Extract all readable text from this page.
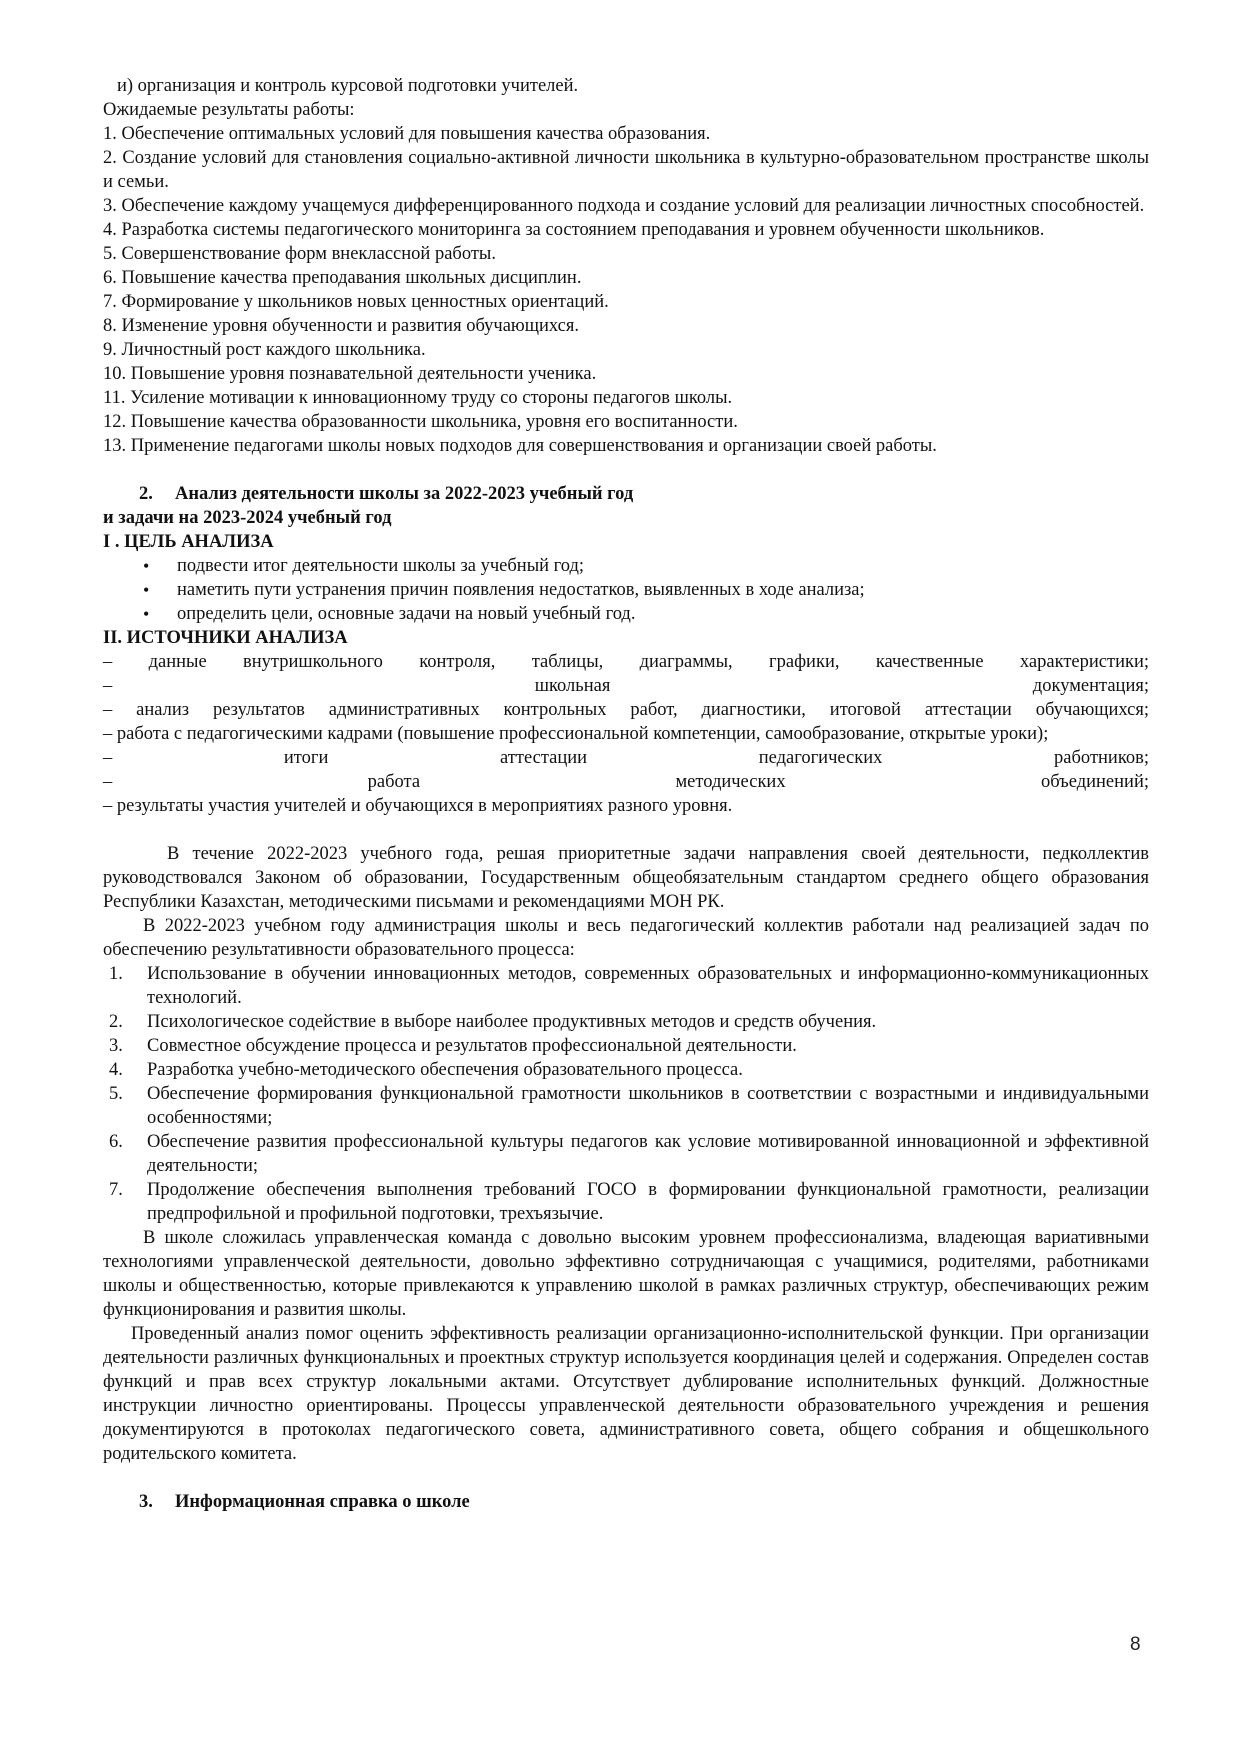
и) организация и контроль курсовой подготовки учителей.

Ожидаемые результаты работы:

1. Обеспечение оптимальных условий для повышения качества образования.

2. Создание условий для становления социально-активной личности школьника в культурно-образовательном пространстве школы и семьи.

3. Обеспечение каждому учащемуся дифференцированного подхода и создание условий для реализации личностных способностей.

4. Разработка системы педагогического мониторинга за состоянием преподавания и уровнем обученности школьников.

5. Совершенствование форм внеклассной работы.

6. Повышение качества преподавания школьных дисциплин.

7. Формирование у школьников новых ценностных ориентаций.

8. Изменение уровня обученности и развития обучающихся.

9. Личностный рост каждого школьника.

10. Повышение уровня познавательной деятельности ученика.

11. Усиление мотивации к инновационному труду со стороны педагогов школы.

12. Повышение качества образованности школьника, уровня его воспитанности.

13. Применение педагогами школы новых подходов для совершенствования и организации своей работы.

2. Анализ деятельности школы за 2022-2023 учебный год

и задачи на 2023-2024 учебный год

I . ЦЕЛЬ АНАЛИЗА

• подвести итог деятельности школы за учебный год;
• наметить пути устранения причин появления недостатков, выявленных в ходе анализа;
• определить цели, основные задачи на новый учебный год.

II. ИСТОЧНИКИ АНАЛИЗА

– данные внутришкольного контроля, таблицы, диаграммы, графики, качественные характеристики;

– школьная документация;

– анализ результатов административных контрольных работ, диагностики, итоговой аттестации обучающихся;

– работа с педагогическими кадрами (повышение профессиональной компетенции, самообразование, открытые уроки);

– итоги аттестации педагогических работников;

– работа методических объединений;

– результаты участия учителей и обучающихся в мероприятиях разного уровня.

В течение 2022-2023 учебного года, решая приоритетные задачи направления своей деятельности, педколлектив руководствовался Законом об образовании, Государственным общеобязательным стандартом среднего общего образования Республики Казахстан, методическими письмами и рекомендациями МОН РК.

В 2022-2023 учебном году администрация школы и весь педагогический коллектив работали над реализацией задач по обеспечению результативности образовательного процесса:

1. Использование в обучении инновационных методов, современных образовательных и информационно-коммуникационных технологий.
2. Психологическое содействие в выборе наиболее продуктивных методов и средств обучения.
3. Совместное обсуждение процесса и результатов профессиональной деятельности.
4. Разработка учебно-методического обеспечения образовательного процесса.
5. Обеспечение формирования функциональной грамотности школьников в соответствии с возрастными и индивидуальными особенностями;
6. Обеспечение развития профессиональной культуры педагогов как условие мотивированной инновационной и эффективной деятельности;
7. Продолжение обеспечения выполнения требований ГОСО в формировании функциональной грамотности, реализации предпрофильной и профильной подготовки, трехъязычие.

В школе сложилась управленческая команда с довольно высоким уровнем профессионализма, владеющая вариативными технологиями управленческой деятельности, довольно эффективно сотрудничающая с учащимися, родителями, работниками школы и общественностью, которые привлекаются к управлению школой в рамках различных структур, обеспечивающих режим функционирования и развития школы.

Проведенный анализ помог оценить эффективность реализации организационно-исполнительской функции. При организации деятельности различных функциональных и проектных структур используется координация целей и содержания. Определен состав функций и прав всех структур локальными актами. Отсутствует дублирование исполнительных функций. Должностные инструкции личностно ориентированы. Процессы управленческой деятельности образовательного учреждения и решения документируются в протоколах педагогического совета, административного совета, общего собрания и общешкольного родительского комитета.

3. Информационная справка о школе

8
